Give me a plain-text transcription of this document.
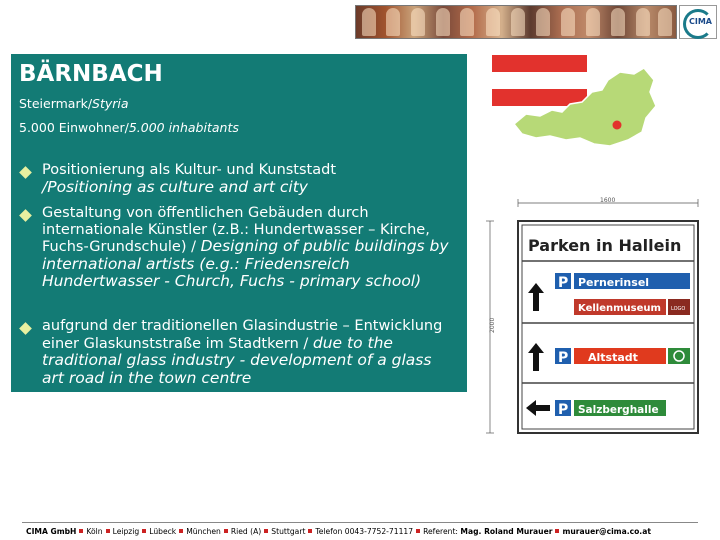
CIMA
BÄRNBACH
Steiermark/Styria
5.000 Einwohner/5.000 inhabitants
Positionierung als Kultur- und Kunststadt
/Positioning as culture and art city
Gestaltung von öffentlichen Gebäuden durch internationale Künstler (z.B.: Hundertwasser – Kirche, Fuchs-Grundschule) / Designing of public buildings by international artists (e.g.: Friedensreich Hundertwasser - Church, Fuchs - primary school)
aufgrund der traditionellen Glasindustrie – Entwicklung einer Glaskunststraße im Stadtkern / due to the traditional glass industry - development of a glass art road in the town centre
1600
2000
Parken in Hallein
P Pernerinsel
Kellenmuseum LOGO
P Altstadt
P Salzberghalle
CIMA GmbH Köln Leipzig Lübeck München Ried (A) Stuttgart Telefon 0043-7752-71117 Referent: Mag. Roland Murauer murauer@cima.co.at
